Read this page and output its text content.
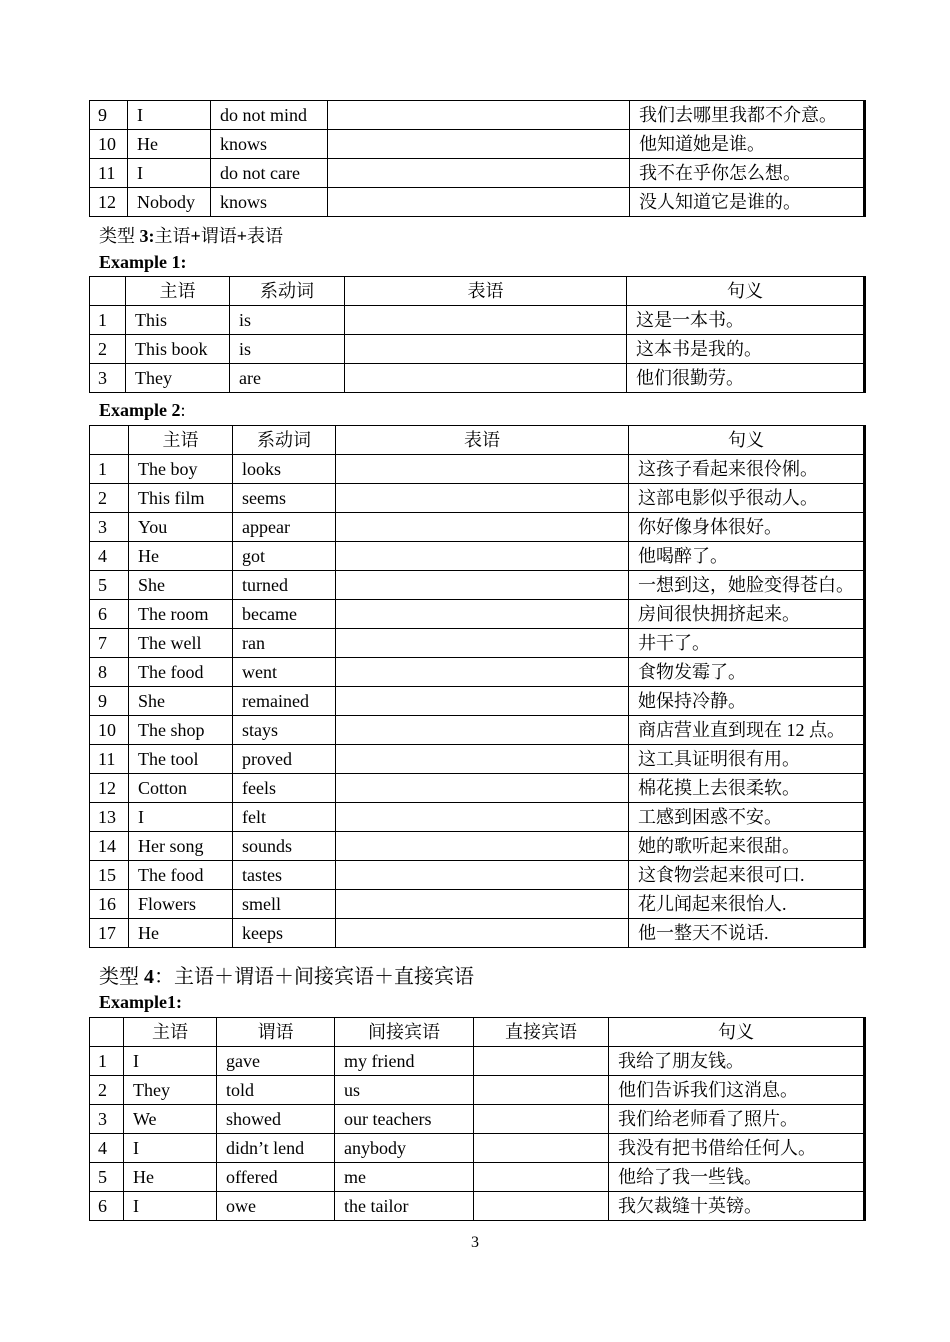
9	I	do not mind		我们去哪里我都不介意。
10	He	knows		他知道她是谁。
11	I	do not care		我不在乎你怎么想。
12	Nobody	knows		没人知道它是谁的。
类型 3:主语+谓语+表语
Example 1:
	主语	系动词	表语	句义
1	This	is		这是一本书。
2	This book	is		这本书是我的。
3	They	are		他们很勤劳。
Example 2:
	主语	系动词	表语	句义
1	The boy	looks		这孩子看起来很伶俐。
2	This film	seems		这部电影似乎很动人。
3	You	appear		你好像身体很好。
4	He	got		他喝醉了。
5	She	turned		一想到这，她脸变得苍白。
6	The room	became		房间很快拥挤起来。
7	The well	ran		井干了。
8	The food	went		食物发霉了。
9	She	remained		她保持冷静。
10	The shop	stays		商店营业直到现在 12 点。
11	The tool	proved		这工具证明很有用。
12	Cotton	feels		棉花摸上去很柔软。
13	I	felt		工感到困惑不安。
14	Her song	sounds		她的歌听起来很甜。
15	The food	tastes		这食物尝起来很可口.
16	Flowers	smell		花儿闻起来很怡人.
17	He	keeps		他一整天不说话.
类型 4：主语＋谓语＋间接宾语＋直接宾语
Example1:
	主语	谓语	间接宾语	直接宾语	句义
1	I	gave	my friend		我给了朋友钱。
2	They	told	us		他们告诉我们这消息。
3	We	showed	our teachers		我们给老师看了照片。
4	I	didn’t lend	anybody		我没有把书借给任何人。
5	He	offered	me		他给了我一些钱。
6	I	owe	the tailor		我欠裁缝十英镑。
3
